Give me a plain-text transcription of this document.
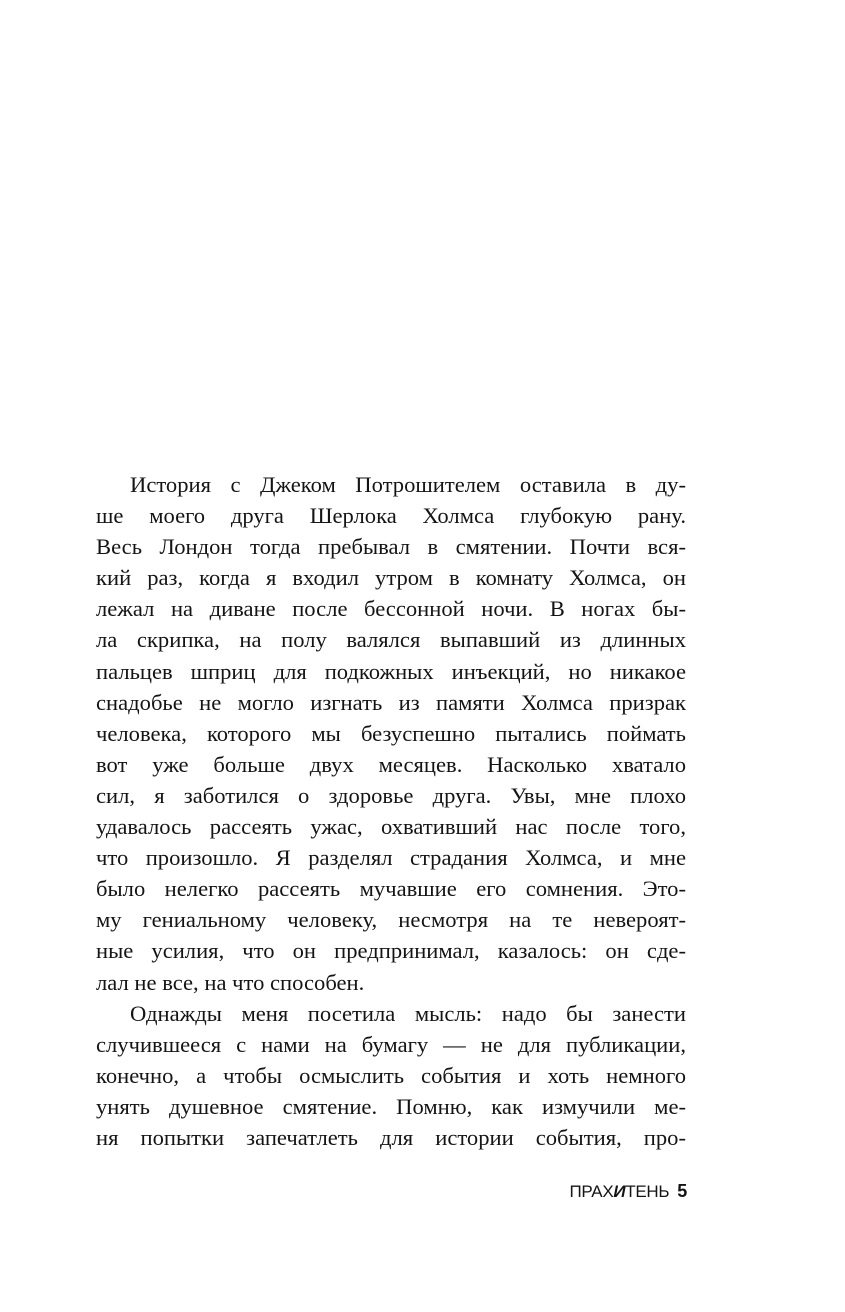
История с Джеком Потрошителем оставила в ду-
ше моего друга Шерлока Холмса глубокую рану.
Весь Лондон тогда пребывал в смятении. Почти вся-
кий раз, когда я входил утром в комнату Холмса, он
лежал на диване после бессонной ночи. В ногах бы-
ла скрипка, на полу валялся выпавший из длинных
пальцев шприц для подкожных инъекций, но никакое
снадобье не могло изгнать из памяти Холмса призрак
человека, которого мы безуспешно пытались поймать
вот уже больше двух месяцев. Насколько хватало
сил, я заботился о здоровье друга. Увы, мне плохо
удавалось рассеять ужас, охвативший нас после того,
что произошло. Я разделял страдания Холмса, и мне
было нелегко рассеять мучавшие его сомнения. Это-
му гениальному человеку, несмотря на те невероят-
ные усилия, что он предпринимал, казалось: он сде-
лал не все, на что способен.
Однажды меня посетила мысль: надо бы занести
случившееся с нами на бумагу — не для публикации,
конечно, а чтобы осмыслить события и хоть немного
унять душевное смятение. Помню, как измучили ме-
ня попытки запечатлеть для истории события, про-
ПРАХИТЕНЬ 5
